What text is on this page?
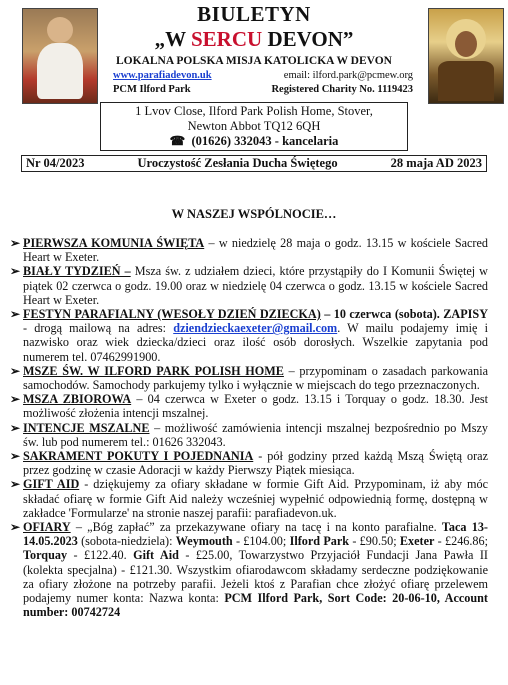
BIULETYN
„W SERCU DEVON”
LOKALNA POLSKA MISJA KATOLICKA W DEVON
www.parafiadevon.uk	email: ilford.park@pcmew.org
PCM Ilford Park	Registered Charity No. 1119423
1 Lvov Close, Ilford Park Polish Home, Stover,
Newton Abbot TQ12 6QH
☎ (01626) 332043 - kancelaria
Nr 04/2023	Uroczystość Zesłania Ducha Świętego	28 maja AD 2023
W NASZEJ WSPÓLNOCIE…
➢ PIERWSZA KOMUNIA ŚWIĘTA – w niedzielę 28 maja o godz. 13.15 w kościele Sacred Heart w Exeter.
➢ BIAŁY TYDZIEŃ – Msza św. z udziałem dzieci, które przystąpiły do I Komunii Świętej w piątek 02 czerwca o godz. 19.00 oraz w niedzielę 04 czerwca o godz. 13.15 w kościele Sacred Heart w Exeter.
➢ FESTYN PARAFIALNY (WESOŁY DZIEŃ DZIECKA) – 10 czerwca (sobota). ZAPISY - drogą mailową na adres: dziendzieckaexeter@gmail.com. W mailu podajemy imię i nazwisko oraz wiek dziecka/dzieci oraz ilość osób dorosłych. Wszelkie zapytania pod numerem tel. 07462991900.
➢ MSZE ŚW. W ILFORD PARK POLISH HOME – przypominam o zasadach parkowania samochodów. Samochody parkujemy tylko i wyłącznie w miejscach do tego przeznaczonych.
➢ MSZA ZBIOROWA – 04 czerwca w Exeter o godz. 13.15 i Torquay o godz. 18.30. Jest możliwość złożenia intencji mszalnej.
➢ INTENCJE MSZALNE – możliwość zamówienia intencji mszalnej bezpośrednio po Mszy św. lub pod numerem tel.: 01626 332043.
➢ SAKRAMENT POKUTY I POJEDNANIA - pół godziny przed każdą Mszą Świętą oraz przez godzinę w czasie Adoracji w każdy Pierwszy Piątek miesiąca.
➢ GIFT AID - dziękujemy za ofiary składane w formie Gift Aid. Przypominam, iż aby móc składać ofiarę w formie Gift Aid należy wcześniej wypełnić odpowiednią formę, dostępną w zakładce 'Formularze' na stronie naszej parafii: parafiadevon.uk.
➢ OFIARY – „Bóg zapłać” za przekazywane ofiary na tacę i na konto parafialne. Taca 13-14.05.2023 (sobota-niedziela): Weymouth - £104.00; Ilford Park - £90.50; Exeter - £246.86; Torquay - £122.40. Gift Aid - £25.00, Towarzystwo Przyjaciół Fundacji Jana Pawła II (kolekta specjalna) - £121.30. Wszystkim ofiarodawcom składamy serdeczne podziękowanie za ofiary złożone na potrzeby parafii. Jeżeli ktoś z Parafian chce złożyć ofiarę przelewem podajemy numer konta: Nazwa konta: PCM Ilford Park, Sort Code: 20-06-10, Account number: 00742724
